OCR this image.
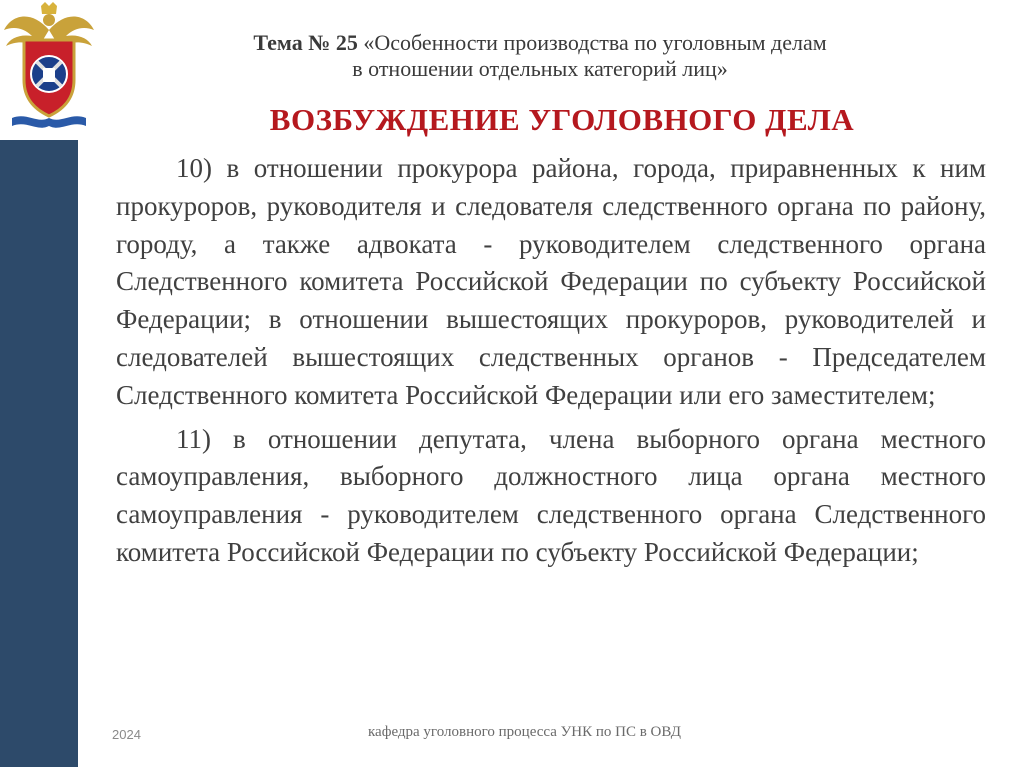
Тема № 25 «Особенности производства по уголовным делам
в отношении отдельных категорий лиц»
ВОЗБУЖДЕНИЕ УГОЛОВНОГО ДЕЛА

10) в отношении прокурора района, города, приравненных к ним прокуроров, руководителя и следователя следственного органа по району, городу, а также адвоката - руководителем следственного органа Следственного комитета Российской Федерации по субъекту Российской Федерации; в отношении вышестоящих прокуроров, руководителей и следователей вышестоящих следственных органов - Председателем Следственного комитета Российской Федерации или его заместителем;

11) в отношении депутата, члена выборного органа местного самоуправления, выборного должностного лица органа местного самоуправления - руководителем следственного органа Следственного комитета Российской Федерации по субъекту Российской Федерации;

2024	кафедра уголовного процесса УНК по ПС в ОВД
